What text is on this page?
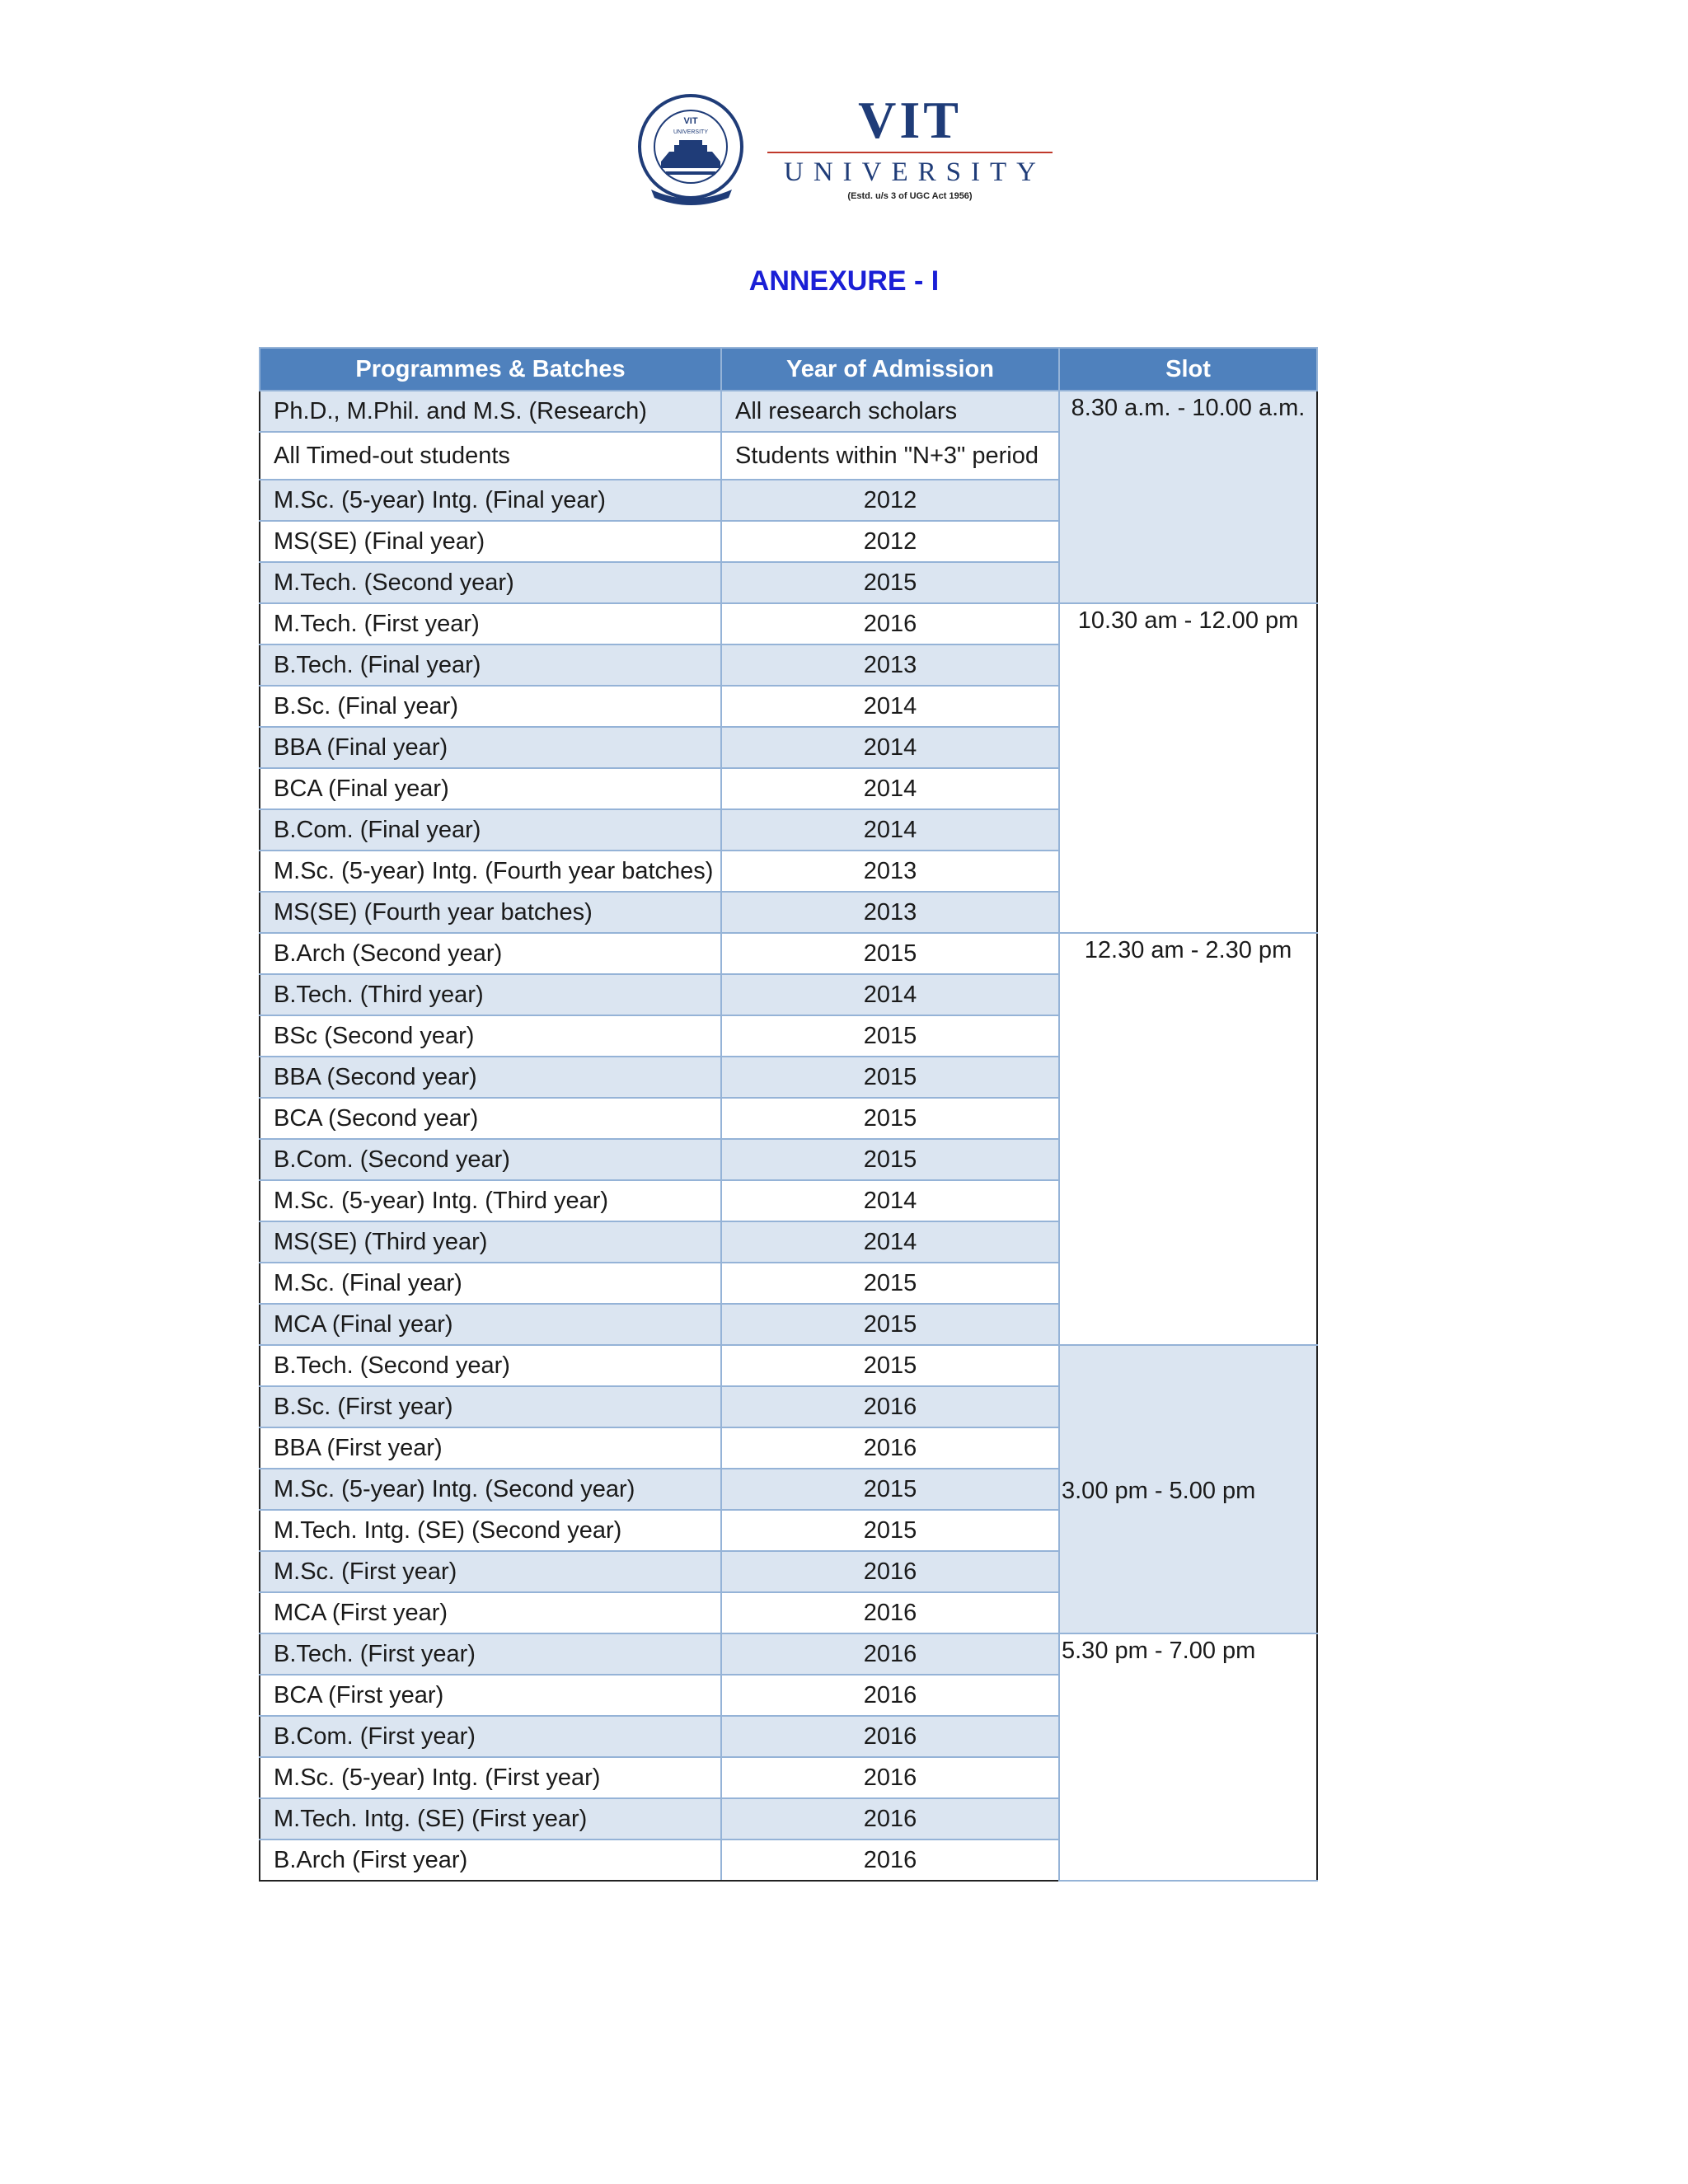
VIT
UNIVERSITY	VIT
UNIVERSITY
(Estd. u/s 3 of UGC Act 1956)
ANNEXURE - I
Programmes & Batches	Year of Admission	Slot
Ph.D., M.Phil. and M.S. (Research)	All research scholars	8.30 a.m. - 10.00 a.m.
All Timed-out students	Students within "N+3" period	
M.Sc. (5-year) Intg. (Final year)	2012	
MS(SE) (Final year)	2012	
M.Tech. (Second year)	2015	
M.Tech. (First year)	2016	10.30 am - 12.00 pm
B.Tech. (Final year)	2013	
B.Sc. (Final year)	2014	
BBA (Final year)	2014	
BCA (Final year)	2014	
B.Com. (Final year)	2014	
M.Sc. (5-year) Intg. (Fourth year batches)	2013	
MS(SE) (Fourth year batches)	2013	
B.Arch (Second year)	2015	12.30 am - 2.30 pm
B.Tech. (Third year)	2014	
BSc (Second year)	2015	
BBA (Second year)	2015	
BCA (Second year)	2015	
B.Com. (Second year)	2015	
M.Sc. (5-year) Intg. (Third year)	2014	
MS(SE) (Third year)	2014	
M.Sc. (Final year)	2015	
MCA (Final year)	2015	
B.Tech. (Second year)	2015	3.00 pm - 5.00 pm
B.Sc. (First year)	2016	
BBA (First year)	2016	
M.Sc. (5-year) Intg. (Second year)	2015	
M.Tech. Intg. (SE) (Second year)	2015	
M.Sc. (First year)	2016	
MCA (First year)	2016	
B.Tech. (First year)	2016	5.30 pm - 7.00 pm
BCA (First year)	2016	
B.Com. (First year)	2016	
M.Sc. (5-year) Intg. (First year)	2016	
M.Tech. Intg. (SE) (First year)	2016	
B.Arch (First year)	2016	
